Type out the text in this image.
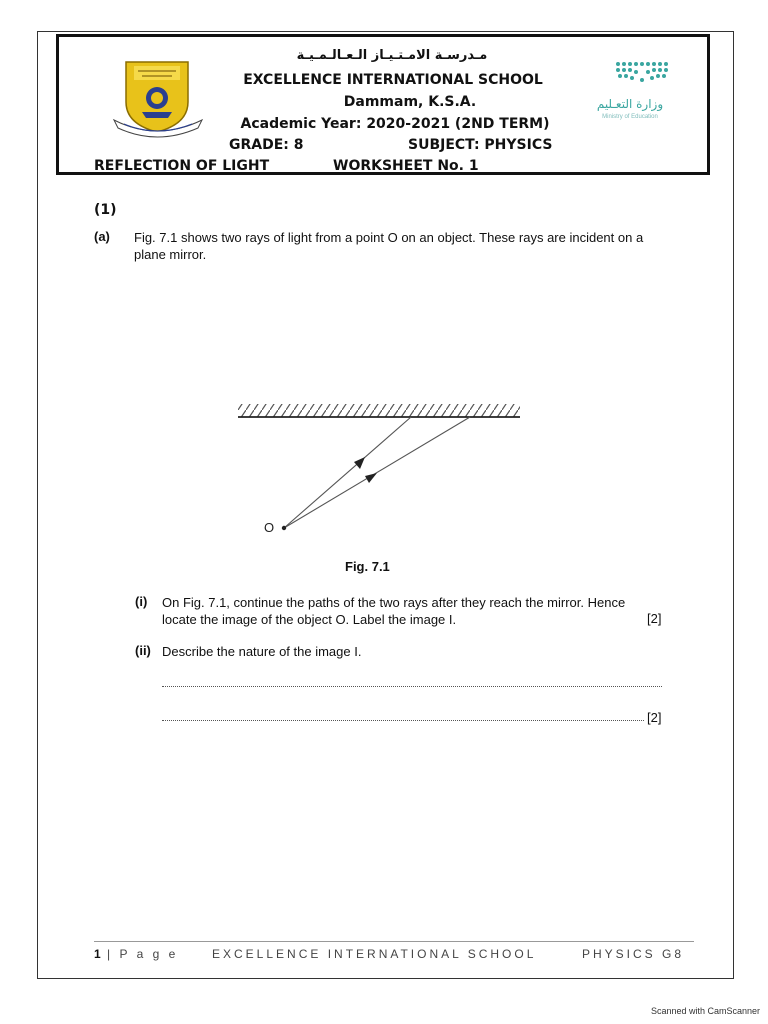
وزارة التعـليم
Ministry of Education
مـدرسـة الامـتـيـاز الـعـالـمـيـة
EXCELLENCE INTERNATIONAL SCHOOL
Dammam, K.S.A.
Academic Year: 2020-2021 (2ND TERM)
GRADE: 8	SUBJECT: PHYSICS
REFLECTION OF LIGHT	WORKSHEET No. 1
(1)
(a) Fig. 7.1 shows two rays of light from a point O on an object. These rays are incident on a plane mirror.
O
Fig. 7.1
(i) On Fig. 7.1, continue the paths of the two rays after they reach the mirror. Hence locate the image of the object O. Label the image I.	[2]
(ii) Describe the nature of the image I.
[2]
1 | P a g e	EXCELLENCE INTERNATIONAL SCHOOL	PHYSICS G8
Scanned with CamScanner
